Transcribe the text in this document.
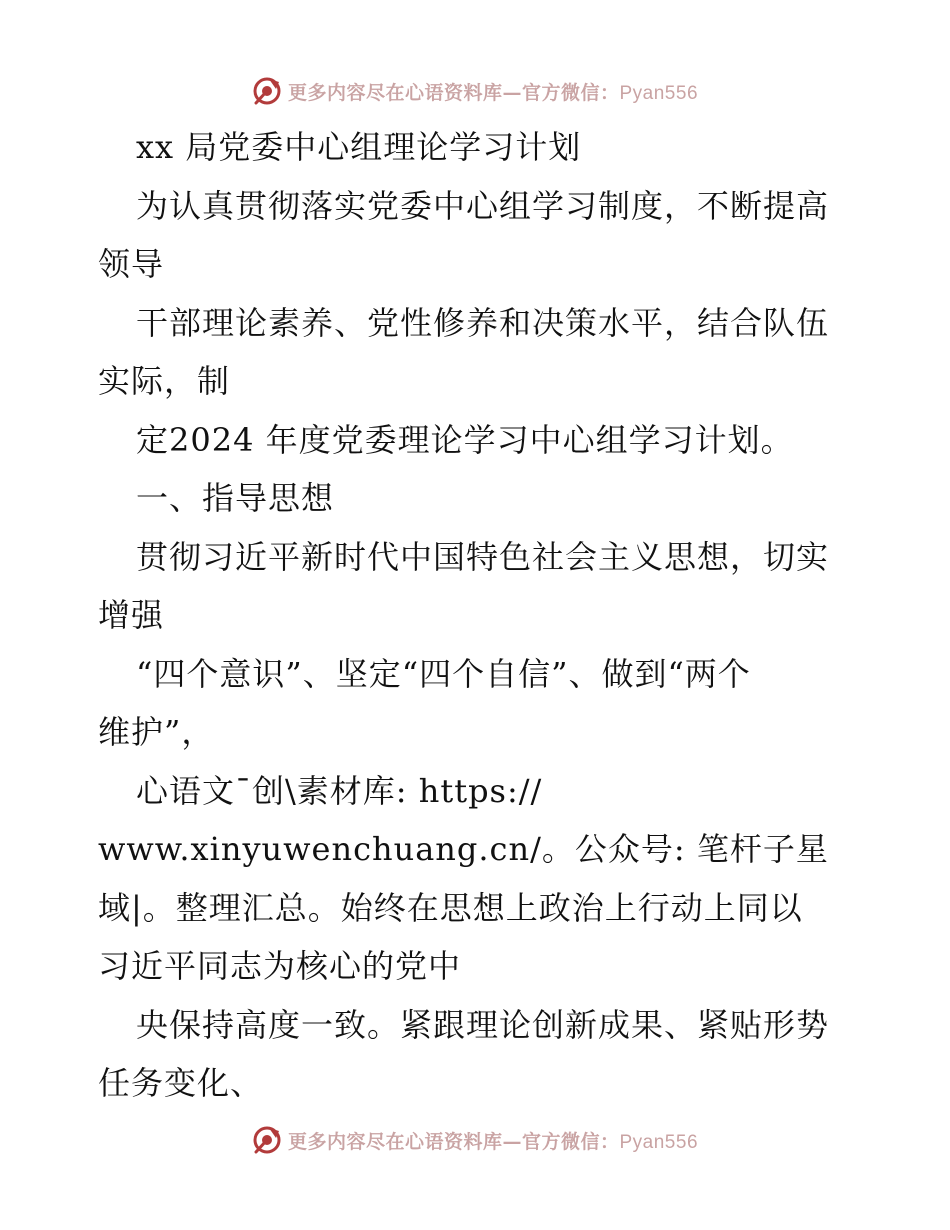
更多内容尽在心语资料库—官方微信：Pyan556
xx 局党委中心组理论学习计划
为认真贯彻落实党委中心组学习制度，不断提高
领导
干部理论素养、党性修养和决策水平，结合队伍
实际，制
定2024 年度党委理论学习中心组学习计划。
一、指导思想
贯彻习近平新时代中国特色社会主义思想，切实
增强
“四个意识”、坚定“四个自信”、做到“两个
维护”，
心语文¯创\素材库: https://
www.xinyuwenchuang.cn/。公众号: 笔杆子星
域|。整理汇总。始终在思想上政治上行动上同以
习近平同志为核心的党中
央保持高度一致。紧跟理论创新成果、紧贴形势
任务变化、
更多内容尽在心语资料库—官方微信：Pyan556
